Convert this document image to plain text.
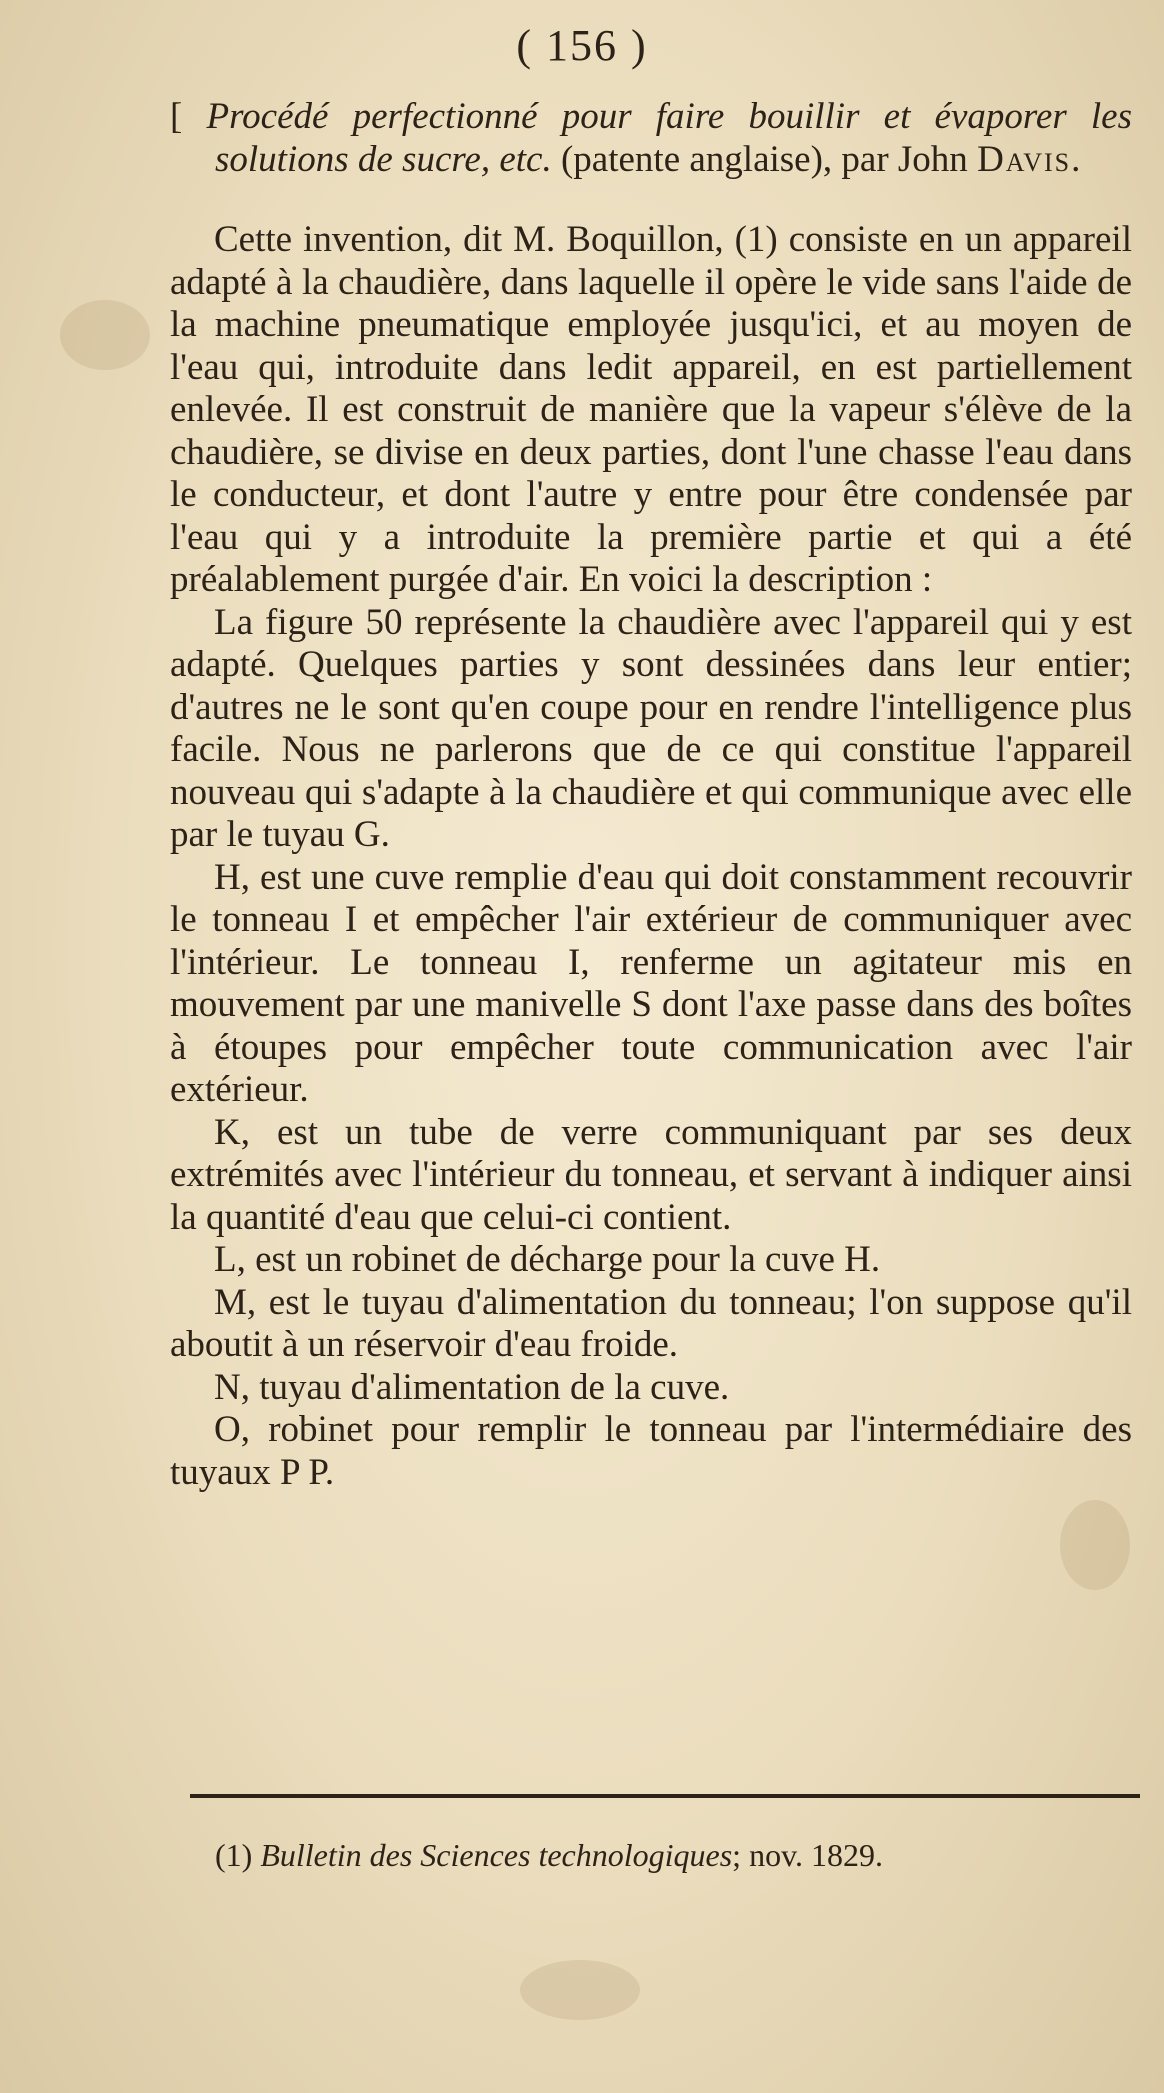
( 156 )

[ Procédé perfectionné pour faire bouillir et évaporer les solutions de sucre, etc. (patente anglaise), par John Davis.

Cette invention, dit M. Boquillon, (1) consiste en un appareil adapté à la chaudière, dans laquelle il opère le vide sans l'aide de la machine pneumatique employée jusqu'ici, et au moyen de l'eau qui, introduite dans ledit appareil, en est partiellement enlevée. Il est construit de manière que la vapeur s'élève de la chaudière, se divise en deux parties, dont l'une chasse l'eau dans le conducteur, et dont l'autre y entre pour être condensée par l'eau qui y a introduite la première partie et qui a été préalablement purgée d'air. En voici la description :

La figure 50 représente la chaudière avec l'appareil qui y est adapté. Quelques parties y sont dessinées dans leur entier; d'autres ne le sont qu'en coupe pour en rendre l'intelligence plus facile. Nous ne parlerons que de ce qui constitue l'appareil nouveau qui s'adapte à la chaudière et qui communique avec elle par le tuyau G.

H, est une cuve remplie d'eau qui doit constamment recouvrir le tonneau I et empêcher l'air extérieur de communiquer avec l'intérieur. Le tonneau I, renferme un agitateur mis en mouvement par une manivelle S dont l'axe passe dans des boîtes à étoupes pour empêcher toute communication avec l'air extérieur.

K, est un tube de verre communiquant par ses deux extrémités avec l'intérieur du tonneau, et servant à indiquer ainsi la quantité d'eau que celui-ci contient.

L, est un robinet de décharge pour la cuve H.

M, est le tuyau d'alimentation du tonneau; l'on suppose qu'il aboutit à un réservoir d'eau froide.

N, tuyau d'alimentation de la cuve.

O, robinet pour remplir le tonneau par l'intermédiaire des tuyaux P P.

(1) Bulletin des Sciences technologiques; nov. 1829.
